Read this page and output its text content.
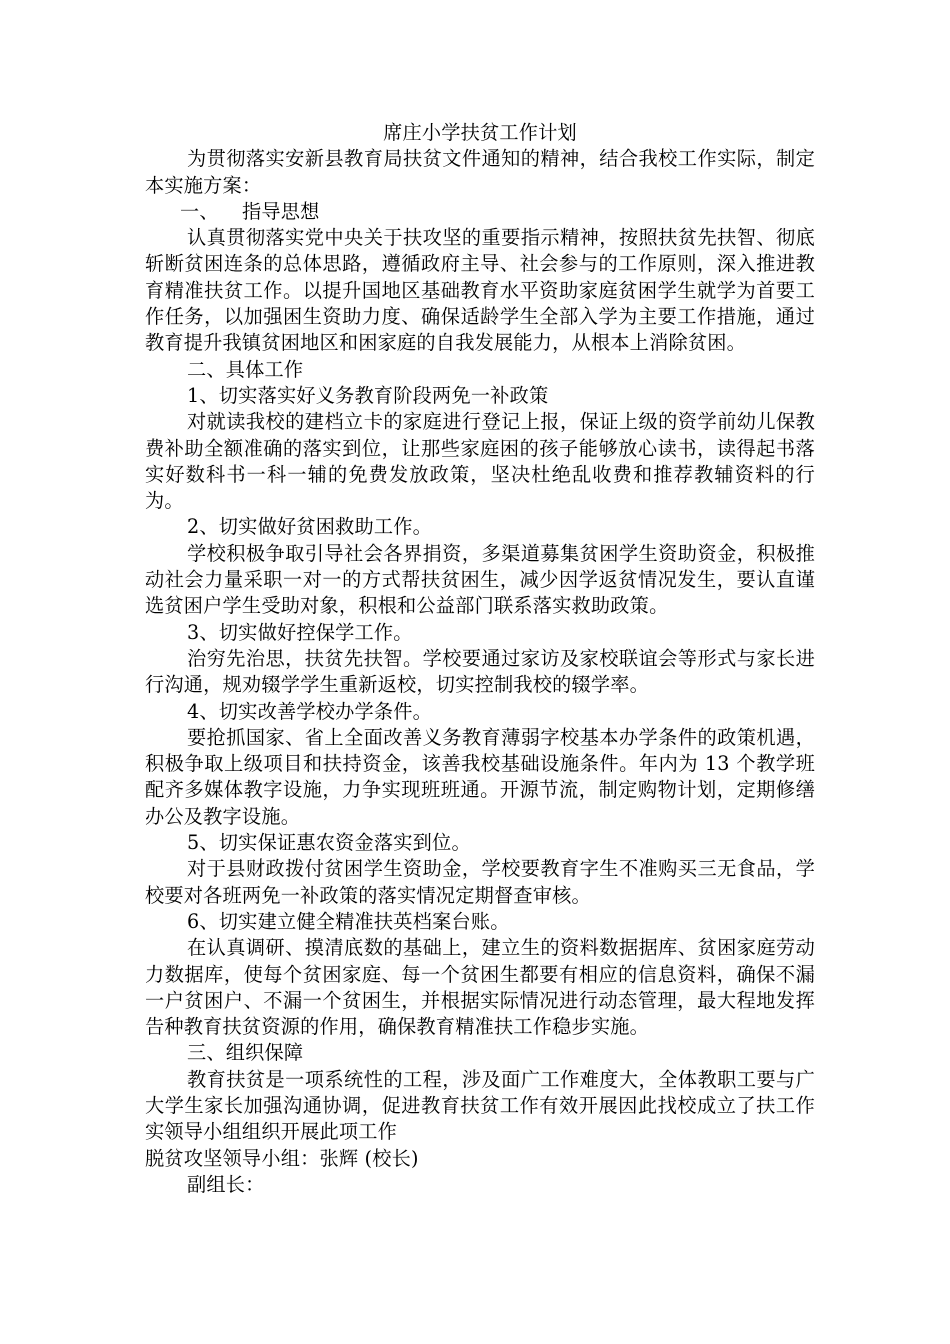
席庄小学扶贫工作计划

为贯彻落实安新县教育局扶贫文件通知的精神，结合我校工作实际，制定本实施方案：

一、 指导思想

认真贯彻落实党中央关于扶攻坚的重要指示精神，按照扶贫先扶智、彻底斩断贫困连条的总体思路，遵循政府主导、社会参与的工作原则，深入推进教育精准扶贫工作。以提升国地区基础教育水平资助家庭贫困学生就学为首要工作任务，以加强困生资助力度、确保适龄学生全部入学为主要工作措施，通过教育提升我镇贫困地区和困家庭的自我发展能力，从根本上消除贫困。

二、具体工作

1、切实落实好义务教育阶段两免一补政策

对就读我校的建档立卡的家庭进行登记上报，保证上级的资学前幼儿保教费补助全额准确的落实到位，让那些家庭困的孩子能够放心读书，读得起书落实好数科书一科一辅的免费发放政策，坚决杜绝乱收费和推荐教辅资料的行为。

2、切实做好贫困救助工作。

学校积极争取引导社会各界捐资，多渠道募集贫困学生资助资金，积极推动社会力量采职一对一的方式帮扶贫困生，减少因学返贫情况发生，要认直谨选贫困户学生受助对象，积根和公益部门联系落实救助政策。

3、切实做好控保学工作。

治穷先治思，扶贫先扶智。学校要通过家访及家校联谊会等形式与家长进行沟通，规劝辍学学生重新返校，切实控制我校的辍学率。

4、切实改善学校办学条件。

要抢抓国家、省上全面改善义务教育薄弱字校基本办学条件的政策机遇，积极争取上级项目和扶持资金，该善我校基础设施条件。年内为 13 个教学班配齐多媒体教字设施，力争实现班班通。开源节流，制定购物计划，定期修缮办公及教字设施。

5、切实保证惠农资金落实到位。

对于县财政拨付贫困学生资助金，学校要教育字生不准购买三无食品，学校要对各班两免一补政策的落实情况定期督查审核。

6、切实建立健全精准扶英档案台账。

在认真调研、摸清底数的基础上，建立生的资料数据据库、贫困家庭劳动力数据库，使每个贫困家庭、每一个贫困生都要有相应的信息资料，确保不漏一户贫困户、不漏一个贫困生，并根据实际情况进行动态管理，最大程地发挥告种教育扶贫资源的作用，确保教育精准扶工作稳步实施。

三、组织保障

教育扶贫是一项系统性的工程，涉及面广工作难度大，全体教职工要与广大学生家长加强沟通协调，促进教育扶贫工作有效开展因此找校成立了扶工作实领导小组组织开展此项工作

脱贫攻坚领导小组：张辉 (校长)

副组长：
